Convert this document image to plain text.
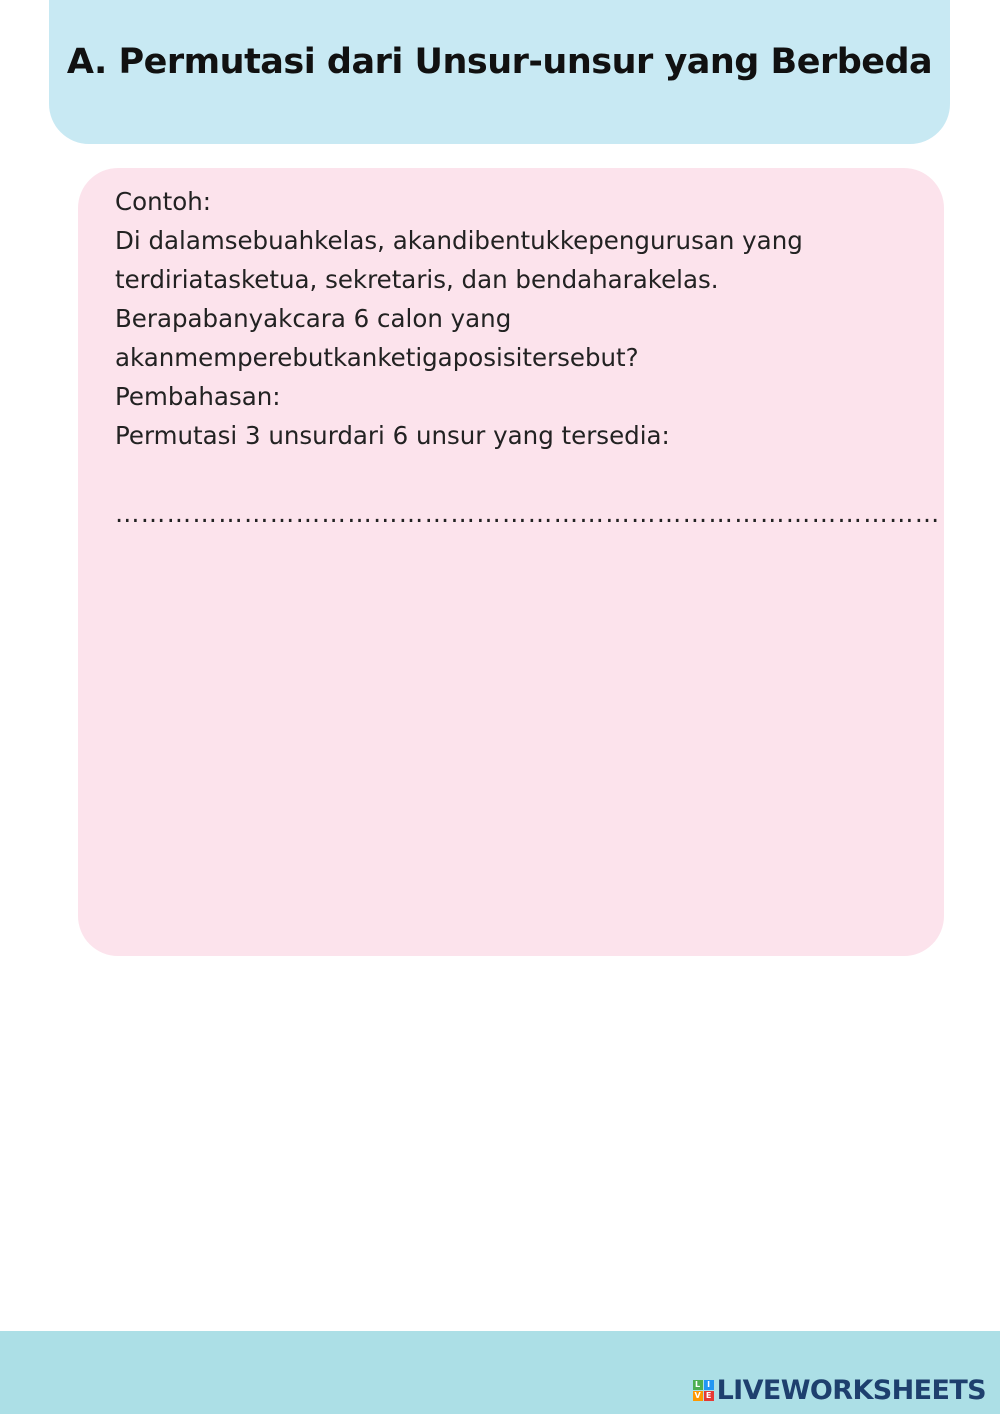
A. Permutasi dari Unsur-unsur yang Berbeda
Contoh:
Di dalamsebuahkelas, akandibentukkepengurusan yang
terdiriatasketua, sekretaris, dan bendaharakelas.
Berapabanyakcara 6 calon yang
akanmemperebutkanketigaposisitersebut?
Pembahasan:
Permutasi 3 unsurdari 6 unsur yang tersedia:
……………………………………………………………………………………
L I
V E LIVEWORKSHEETS
